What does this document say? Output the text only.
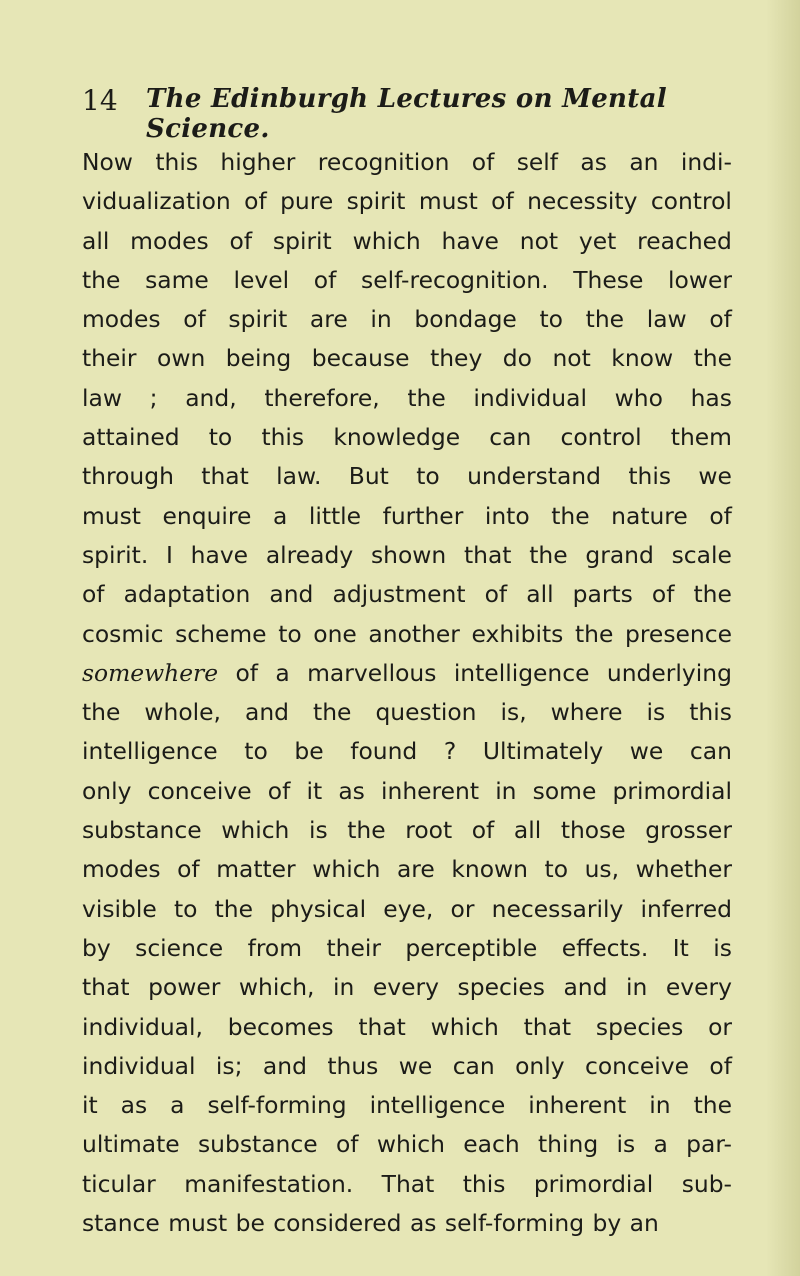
14 The Edinburgh Lectures on Mental Science.
Now this higher recognition of self as an indi-
vidualization of pure spirit must of necessity control
all modes of spirit which have not yet reached
the same level of self-recognition. These lower
modes of spirit are in bondage to the law of
their own being because they do not know the
law ; and, therefore, the individual who has
attained to this knowledge can control them
through that law. But to understand this we
must enquire a little further into the nature of
spirit. I have already shown that the grand scale
of adaptation and adjustment of all parts of the
cosmic scheme to one another exhibits the presence
somewhere of a marvellous intelligence underlying
the whole, and the question is, where is this
intelligence to be found ? Ultimately we can
only conceive of it as inherent in some primordial
substance which is the root of all those grosser
modes of matter which are known to us, whether
visible to the physical eye, or necessarily inferred
by science from their perceptible effects. It is
that power which, in every species and in every
individual, becomes that which that species or
individual is; and thus we can only conceive of
it as a self-forming intelligence inherent in the
ultimate substance of which each thing is a par-
ticular manifestation. That this primordial sub-
stance must be considered as self-forming by an
